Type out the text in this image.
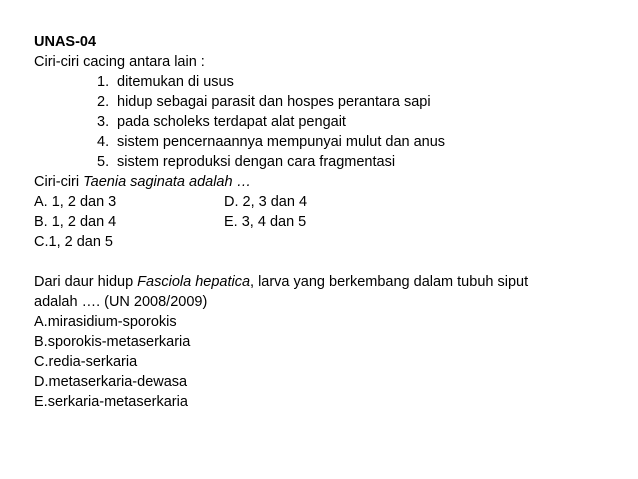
UNAS-04
Ciri-ciri cacing antara lain :
1. ditemukan di usus
2. hidup sebagai parasit dan hospes perantara sapi
3. pada scholeks terdapat alat pengait
4. sistem pencernaannya mempunyai mulut dan anus
5. sistem reproduksi dengan cara fragmentasi
Ciri-ciri Taenia saginata adalah …
A. 1, 2 dan 3	D. 2, 3 dan 4
B. 1, 2 dan 4	E. 3, 4 dan 5
C.1, 2 dan 5
Dari daur hidup Fasciola hepatica, larva yang berkembang dalam tubuh siput
adalah …. (UN 2008/2009)
A.mirasidium-sporokis
B.sporokis-metaserkaria
C.redia-serkaria
D.metaserkaria-dewasa
E.serkaria-metaserkaria
